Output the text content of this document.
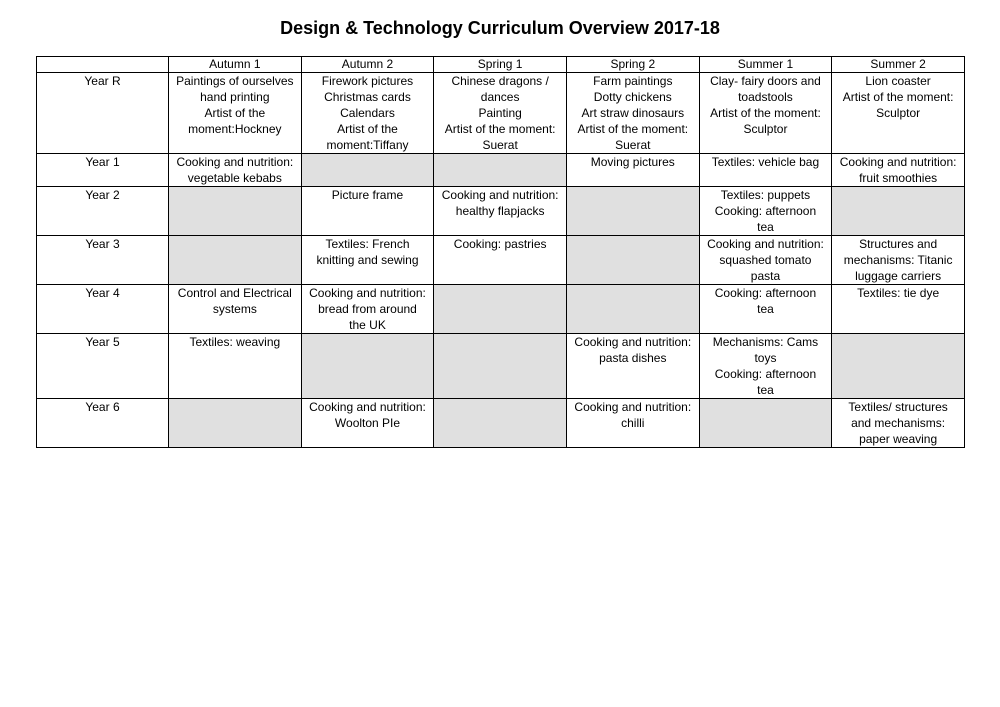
Design & Technology Curriculum Overview 2017-18
	Autumn 1	Autumn 2	Spring 1	Spring 2	Summer 1	Summer 2
Year R	Paintings of ourselves
hand printing
Artist of the
moment:Hockney	Firework pictures
Christmas cards
Calendars
Artist of the
moment:Tiffany	Chinese dragons /
dances
Painting
Artist of the moment:
Suerat	Farm paintings
Dotty chickens
Art straw dinosaurs
Artist of the moment:
Suerat	Clay- fairy doors and
toadstools
Artist of the moment:
Sculptor	Lion coaster
Artist of the moment:
Sculptor
Year 1	Cooking and nutrition:
vegetable kebabs			Moving pictures	Textiles: vehicle bag	Cooking and nutrition:
fruit smoothies
Year 2		Picture frame	Cooking and nutrition:
healthy flapjacks		Textiles: puppets
Cooking: afternoon
tea	
Year 3		Textiles: French
knitting and sewing	Cooking: pastries		Cooking and nutrition:
squashed tomato
pasta	Structures and
mechanisms: Titanic
luggage carriers
Year 4	Control and Electrical
systems	Cooking and nutrition:
bread from around
the UK			Cooking: afternoon
tea	Textiles: tie dye
Year 5	Textiles: weaving			Cooking and nutrition:
pasta dishes	Mechanisms: Cams
toys
Cooking: afternoon
tea	
Year 6		Cooking and nutrition:
Woolton PIe		Cooking and nutrition:
chilli		Textiles/ structures
and mechanisms:
paper weaving
